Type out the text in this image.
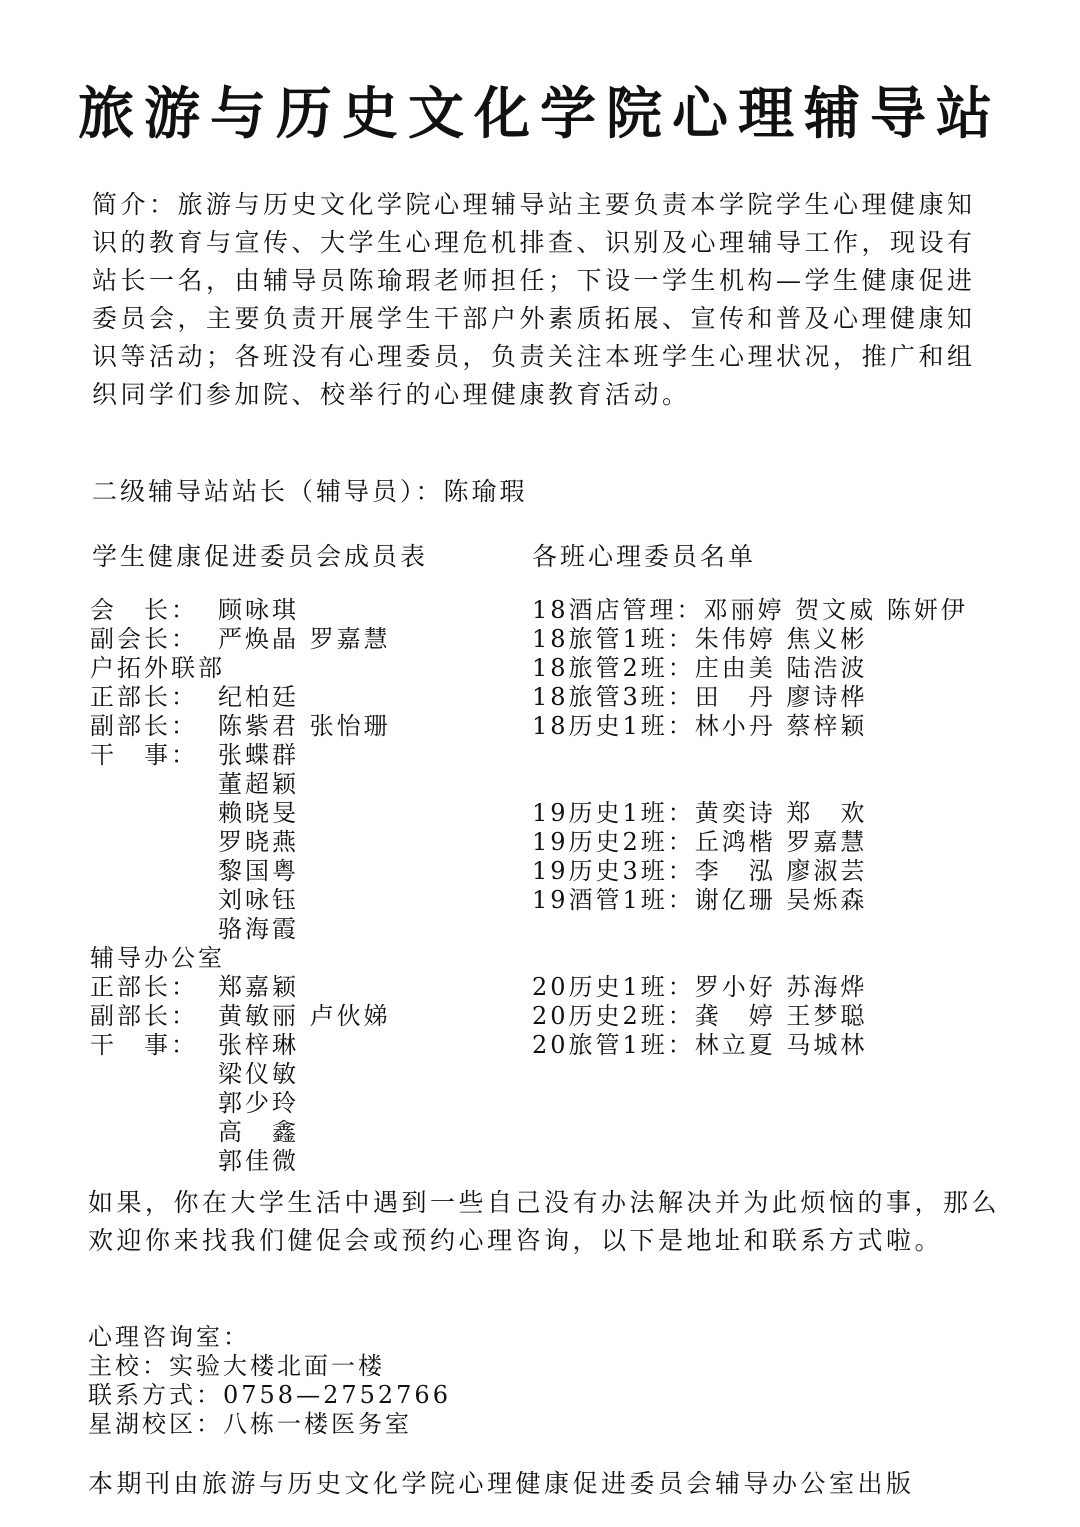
旅游与历史文化学院心理辅导站

简介：旅游与历史文化学院心理辅导站主要负责本学院学生心理健康知识的教育与宣传、大学生心理危机排查、识别及心理辅导工作，现设有站长一名，由辅导员陈瑜瑕老师担任；下设一学生机构—学生健康促进委员会，主要负责开展学生干部户外素质拓展、宣传和普及心理健康知识等活动；各班没有心理委员，负责关注本班学生心理状况，推广和组织同学们参加院、校举行的心理健康教育活动。

二级辅导站站长（辅导员）：陈瑜瑕
学生健康促进委员会成员表	各班心理委员名单
会　长： 顾咏琪
副会长： 严焕晶 罗嘉慧
户拓外联部
正部长： 纪柏廷
副部长： 陈紫君 张怡珊
干　事： 张蝶群
董超颖
赖晓旻
罗晓燕
黎国粤
刘咏钰
骆海霞
辅导办公室
正部长： 郑嘉颖
副部长： 黄敏丽 卢伙娣
干　事： 张梓琳
梁仪敏
郭少玲
高　鑫
郭佳微
18酒店管理：邓丽婷 贺文威 陈妍伊
18旅管1班：朱伟婷 焦义彬
18旅管2班：庄由美 陆浩波
18旅管3班：田　丹 廖诗桦
18历史1班：林小丹 蔡梓颖
19历史1班：黄奕诗 郑　欢
19历史2班：丘鸿楷 罗嘉慧
19历史3班：李　泓 廖淑芸
19酒管1班：谢亿珊 吴烁森
20历史1班：罗小好 苏海烨
20历史2班：龚　婷 王梦聪
20旅管1班：林立夏 马城林

如果，你在大学生活中遇到一些自己没有办法解决并为此烦恼的事，那么欢迎你来找我们健促会或预约心理咨询，以下是地址和联系方式啦。

心理咨询室：
主校：实验大楼北面一楼
联系方式：0758—2752766
星湖校区：八栋一楼医务室
本期刊由旅游与历史文化学院心理健康促进委员会辅导办公室出版
